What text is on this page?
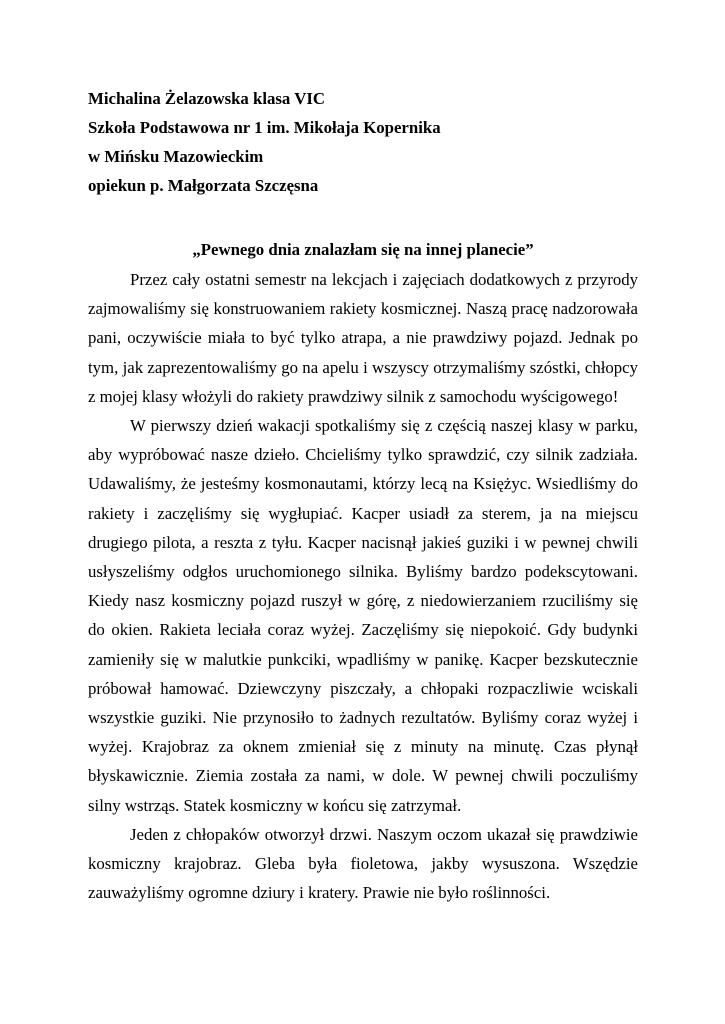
Michalina Żelazowska klasa VIC
Szkoła Podstawowa nr 1 im. Mikołaja Kopernika
w Mińsku Mazowieckim
opiekun p. Małgorzata Szczęsna
„Pewnego dnia znalazłam się na innej planecie”

Przez cały ostatni semestr na lekcjach i zajęciach dodatkowych z przyrody zajmowaliśmy się konstruowaniem rakiety kosmicznej. Naszą pracę nadzorowała pani, oczywiście miała to być tylko atrapa, a nie prawdziwy pojazd. Jednak po tym, jak zaprezentowaliśmy go na apelu i wszyscy otrzymaliśmy szóstki, chłopcy z mojej klasy włożyli do rakiety prawdziwy silnik z samochodu wyścigowego!

W pierwszy dzień wakacji spotkaliśmy się z częścią naszej klasy w parku, aby wypróbować nasze dzieło. Chcieliśmy tylko sprawdzić, czy silnik zadziała. Udawaliśmy, że jesteśmy kosmonautami, którzy lecą na Księżyc. Wsiedliśmy do rakiety i zaczęliśmy się wygłupiać. Kacper usiadł za sterem, ja na miejscu drugiego pilota, a reszta z tyłu. Kacper nacisnął jakieś guziki i w pewnej chwili usłyszeliśmy odgłos uruchomionego silnika. Byliśmy bardzo podekscytowani. Kiedy nasz kosmiczny pojazd ruszył w górę, z niedowierzaniem rzuciliśmy się do okien. Rakieta leciała coraz wyżej. Zaczęliśmy się niepokoić. Gdy budynki zamieniły się w malutkie punkciki, wpadliśmy w panikę. Kacper bezskutecznie próbował hamować. Dziewczyny piszczały, a chłopaki rozpaczliwie wciskali wszystkie guziki. Nie przynosiło to żadnych rezultatów. Byliśmy coraz wyżej i wyżej. Krajobraz za oknem zmieniał się z minuty na minutę. Czas płynął błyskawicznie. Ziemia została za nami, w dole. W pewnej chwili poczuliśmy silny wstrząs. Statek kosmiczny w końcu się zatrzymał.

Jeden z chłopaków otworzył drzwi. Naszym oczom ukazał się prawdziwie kosmiczny krajobraz. Gleba była fioletowa, jakby wysuszona. Wszędzie zauważyliśmy ogromne dziury i kratery. Prawie nie było roślinności.
